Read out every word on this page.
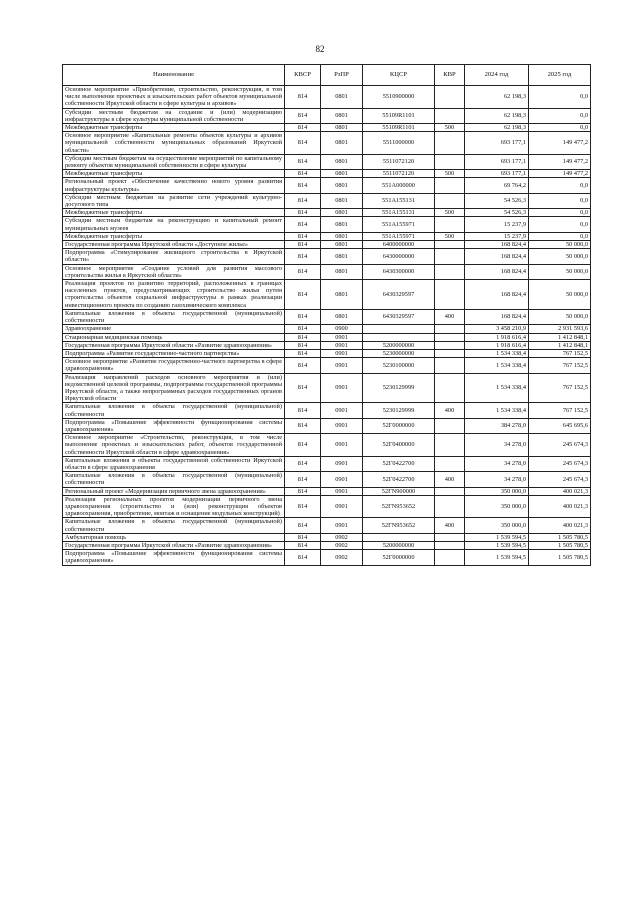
82
Наименование	КВСР	РзПР	КЦСР	КВР	2024 год	2025 год
Основное мероприятие «Приобретение, строительство, реконструкция, в том числе выполнение проектных и изыскательских работ объектов муниципальной собственности Иркутской области в сфере культуры и архивов»	814	0801	5510900000		62 198,3	0,0
Субсидии местным бюджетам на создание и (или) модернизацию инфраструктуры в сфере культуры муниципальной собственности	814	0801	55109R1101		62 198,3	0,0
Межбюджетные трансферты	814	0801	55109R1101	500	62 198,3	0,0
Основное мероприятие «Капитальные ремонты объектов культуры и архивов муниципальной собственности муниципальных образований Иркутской области»	814	0801	5511000000		693 177,1	149 477,2
Субсидии местным бюджетам на осуществление мероприятий по капитальному ремонту объектов муниципальной собственности в сфере культуры	814	0801	5511072120		693 177,1	149 477,2
Межбюджетные трансферты	814	0801	5511072120	500	693 177,1	149 477,2
Региональный проект «Обеспечение качественно нового уровня развития инфраструктуры культуры»	814	0801	551A000000		69 764,2	0,0
Субсидии местным бюджетам на развитие сети учреждений культурно-досугового типа	814	0801	551A155131		54 526,3	0,0
Межбюджетные трансферты	814	0801	551A155131	500	54 526,3	0,0
Субсидии местным бюджетам на реконструкцию и капитальный ремонт муниципальных музеев	814	0801	551A155971		15 237,9	0,0
Межбюджетные трансферты	814	0801	551A155971	500	15 237,9	0,0
Государственная программа Иркутской области «Доступное жилье»	814	0801	6400000000		168 824,4	50 000,0
Подпрограмма «Стимулирование жилищного строительства в Иркутской области»	814	0801	6430000000		168 824,4	50 000,0
Основное мероприятие «Создание условий для развития массового строительства жилья в Иркутской области»	814	0801	6430300000		168 824,4	50 000,0
Реализация проектов по развитию территорий, расположенных в границах населенных пунктов, предусматривающих строительство жилья путем строительства объектов социальной инфраструктуры в рамках реализации инвестиционного проекта по созданию газохимического комплекса	814	0801	6430329597		168 824,4	50 000,0
Капитальные вложения в объекты государственной (муниципальной) собственности	814	0801	6430329597	400	168 824,4	50 000,0
Здравоохранение	814	0900			3 458 210,9	2 931 593,6
Стационарная медицинская помощь	814	0901			1 918 616,4	1 412 848,1
Государственная программа Иркутской области «Развитие здравоохранения»	814	0901	5200000000		1 918 616,4	1 412 848,1
Подпрограмма «Развитие государственно-частного партнерства»	814	0901	5230000000		1 534 338,4	767 152,5
Основное мероприятие «Развитие государственно-частного партнерства в сфере здравоохранения»	814	0901	5230100000		1 534 338,4	767 152,5
Реализация направлений расходов основного мероприятия и (или) ведомственной целевой программы, подпрограммы государственной программы Иркутской области, а также непрограммных расходов государственных органов Иркутской области	814	0901	5230129999		1 534 338,4	767 152,5
Капитальные вложения в объекты государственной (муниципальной) собственности	814	0901	5230129999	400	1 534 338,4	767 152,5
Подпрограмма «Повышение эффективности функционирования системы здравоохранения»	814	0901	52Г0000000		384 278,0	645 695,6
Основное мероприятие «Строительство, реконструкция, в том числе выполнение проектных и изыскательских работ, объектов государственной собственности Иркутской области в сфере здравоохранения»	814	0901	52Г0400000		34 278,0	245 674,3
Капитальные вложения в объекты государственной собственности Иркутской области в сфере здравоохранения	814	0901	52Г0422700		34 278,0	245 674,3
Капитальные вложения в объекты государственной (муниципальной) собственности	814	0901	52Г0422700	400	34 278,0	245 674,3
Региональный проект «Модернизация первичного звена здравоохранения»	814	0901	52ГN900000		350 000,0	400 021,3
Реализация региональных проектов модернизации первичного звена здравоохранения (строительство и (или) реконструкция объектов здравоохранения, приобретение, монтаж и оснащение модульных конструкций)	814	0901	52ГN953652		350 000,0	400 021,3
Капитальные вложения в объекты государственной (муниципальной) собственности	814	0901	52ГN953652	400	350 000,0	400 021,3
Амбулаторная помощь	814	0902			1 539 594,5	1 505 780,5
Государственная программа Иркутской области «Развитие здравоохранения»	814	0902	5200000000		1 539 594,5	1 505 780,5
Подпрограмма «Повышение эффективности функционирования системы здравоохранения»	814	0902	52Г0000000		1 539 594,5	1 505 780,5
